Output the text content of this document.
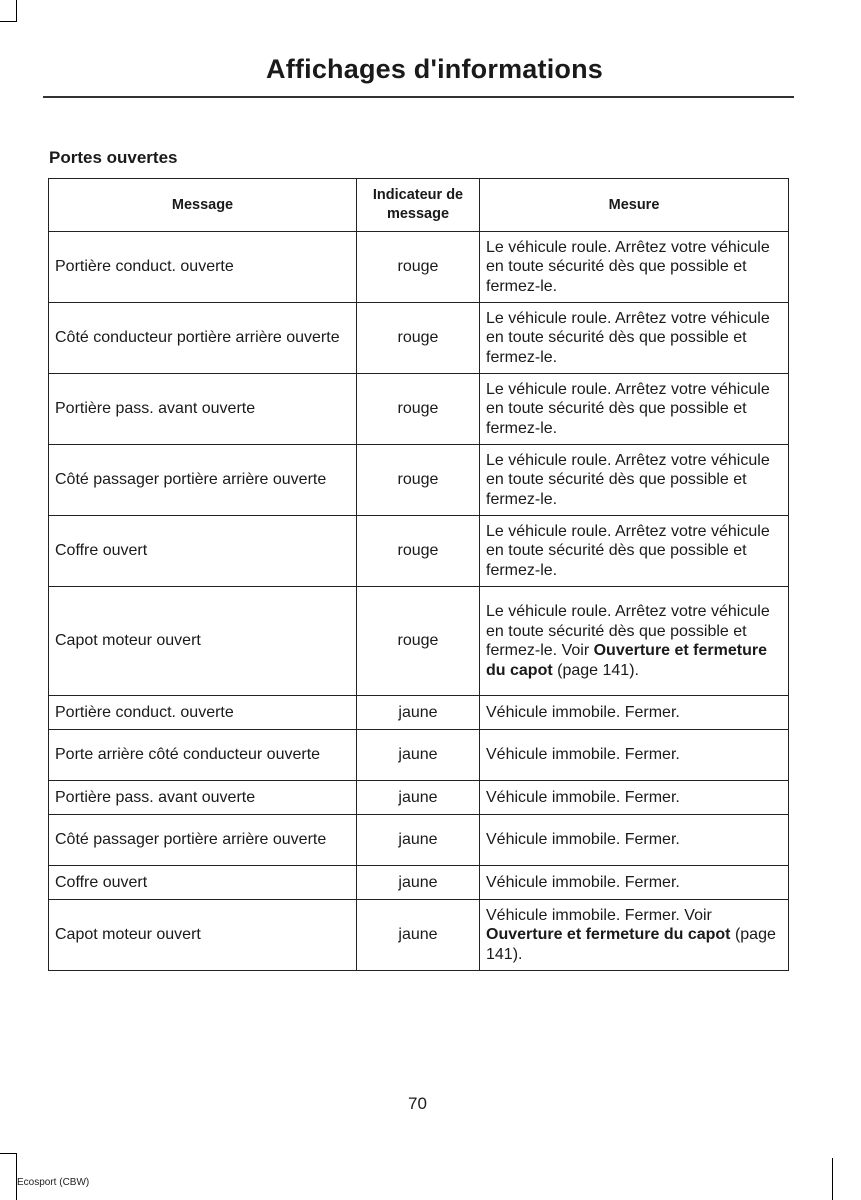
Affichages d'informations
Portes ouvertes
Message	Indicateur de message	Mesure
Portière conduct. ouverte	rouge	Le véhicule roule. Arrêtez votre véhicule en toute sécurité dès que possible et fermez-le.
Côté conducteur portière arrière ouverte	rouge	Le véhicule roule. Arrêtez votre véhicule en toute sécurité dès que possible et fermez-le.
Portière pass. avant ouverte	rouge	Le véhicule roule. Arrêtez votre véhicule en toute sécurité dès que possible et fermez-le.
Côté passager portière arrière ouverte	rouge	Le véhicule roule. Arrêtez votre véhicule en toute sécurité dès que possible et fermez-le.
Coffre ouvert	rouge	Le véhicule roule. Arrêtez votre véhicule en toute sécurité dès que possible et fermez-le.
Capot moteur ouvert	rouge	Le véhicule roule. Arrêtez votre véhicule en toute sécurité dès que possible et fermez-le. Voir Ouverture et fermeture du capot (page 141).
Portière conduct. ouverte	jaune	Véhicule immobile. Fermer.
Porte arrière côté conducteur ouverte	jaune	Véhicule immobile. Fermer.
Portière pass. avant ouverte	jaune	Véhicule immobile. Fermer.
Côté passager portière arrière ouverte	jaune	Véhicule immobile. Fermer.
Coffre ouvert	jaune	Véhicule immobile. Fermer.
Capot moteur ouvert	jaune	Véhicule immobile. Fermer. Voir Ouverture et fermeture du capot (page 141).
70
Ecosport (CBW)
